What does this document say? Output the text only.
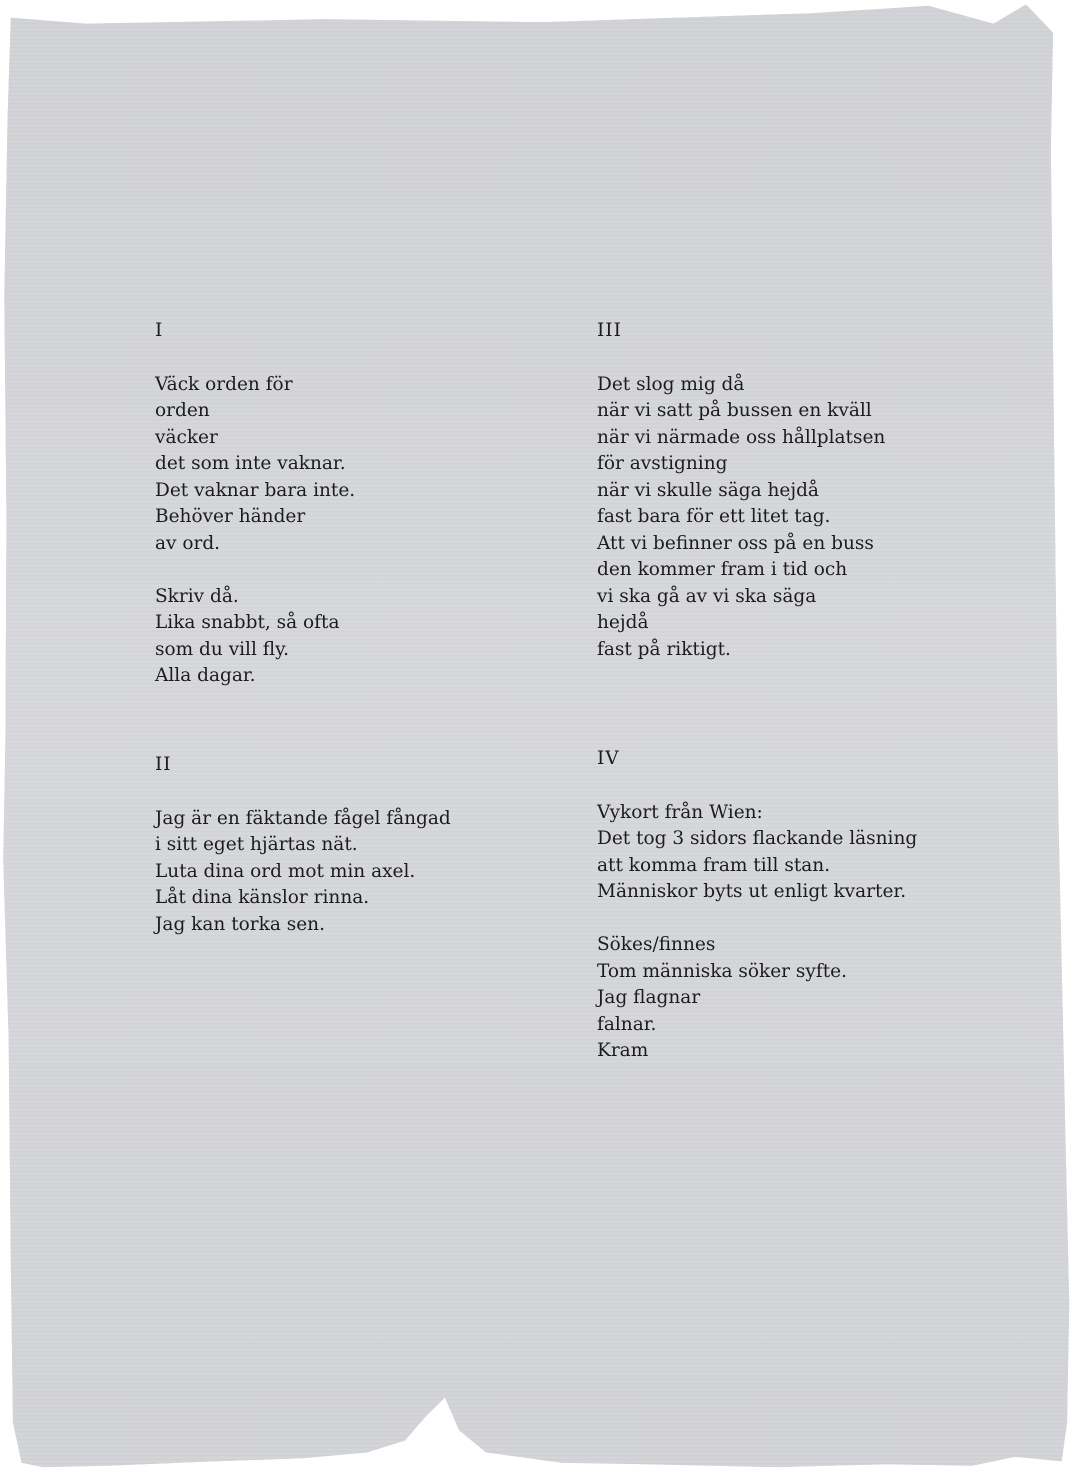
I
Väck orden för
orden
väcker
det som inte vaknar.
Det vaknar bara inte.
Behöver händer
av ord.
Skriv då.
Lika snabbt, så ofta
som du vill fly.
Alla dagar.
III
Det slog mig då
när vi satt på bussen en kväll
när vi närmade oss hållplatsen
för avstigning
när vi skulle säga hejdå
fast bara för ett litet tag.
Att vi befinner oss på en buss
den kommer fram i tid och
vi ska gå av vi ska säga
hejdå
fast på riktigt.
II
Jag är en fäktande fågel fångad
i sitt eget hjärtas nät.
Luta dina ord mot min axel.
Låt dina känslor rinna.
Jag kan torka sen.
IV
Vykort från Wien:
Det tog 3 sidors flackande läsning
att komma fram till stan.
Människor byts ut enligt kvarter.
Sökes/finnes
Tom människa söker syfte.
Jag flagnar
falnar.
Kram
